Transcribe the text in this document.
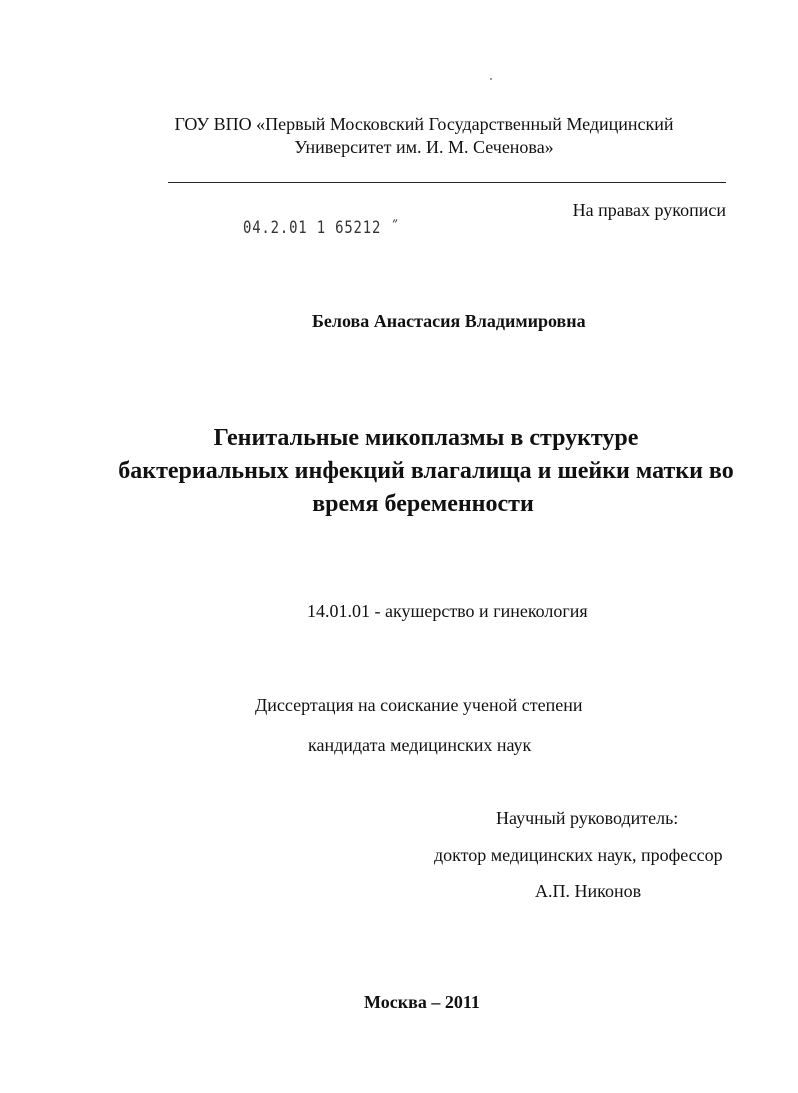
ГОУ ВПО «Первый Московский Государственный Медицинский
Университет им. И. М. Сеченова»
На правах рукописи
04.2.01 1 65212 ˝
Белова Анастасия Владимировна
Генитальные микоплазмы в структуре
бактериальных инфекций влагалища и шейки матки во
время беременности
14.01.01 - акушерство и гинекология
Диссертация на соискание ученой степени
кандидата медицинских наук
Научный руководитель:
доктор медицинских наук, профессор
А.П. Никонов
Москва – 2011
